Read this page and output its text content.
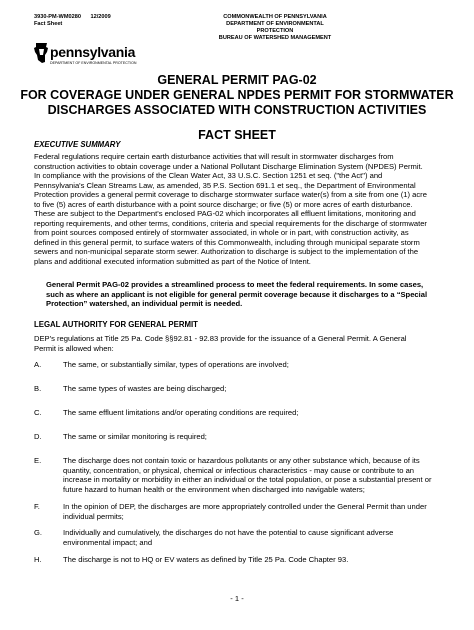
3930-PM-WM0280 12/2009
Fact Sheet
COMMONWEALTH OF PENNSYLVANIA
DEPARTMENT OF ENVIRONMENTAL PROTECTION
BUREAU OF WATERSHED MANAGEMENT
pennsylvania
DEPARTMENT OF ENVIRONMENTAL PROTECTION
GENERAL PERMIT PAG-02
FOR COVERAGE UNDER GENERAL NPDES PERMIT FOR STORMWATER
DISCHARGES ASSOCIATED WITH CONSTRUCTION ACTIVITIES
FACT SHEET
EXECUTIVE SUMMARY
Federal regulations require certain earth disturbance activities that will result in stormwater discharges from
construction activities to obtain coverage under a National Pollutant Discharge Elimination System (NPDES) Permit.
In compliance with the provisions of the Clean Water Act, 33 U.S.C. Section 1251 et seq. ("the Act") and
Pennsylvania's Clean Streams Law, as amended, 35 P.S. Section 691.1 et seq., the Department of Environmental
Protection provides a general permit coverage to discharge stormwater surface water(s) from a site from one (1) acre
to five (5) acres of earth disturbance with a point source discharge; or five (5) or more acres of earth disturbance.
These are subject to the Department's enclosed PAG-02 which incorporates all effluent limitations, monitoring and
reporting requirements, and other terms, conditions, criteria and special requirements for the discharge of stormwater
from point sources composed entirely of stormwater associated, in whole or in part, with construction activity, as
defined in this general permit, to surface waters of this Commonwealth, including through municipal separate storm
sewers and non-municipal separate storm sewer. Authorization to discharge is subject to the implementation of the
plans and additional executed information submitted as part of the Notice of Intent.
General Permit PAG-02 provides a streamlined process to meet the federal requirements. In some cases,
such as where an applicant is not eligible for general permit coverage because it discharges to a “Special
Protection” watershed, an individual permit is needed.
LEGAL AUTHORITY FOR GENERAL PERMIT
DEP's regulations at Title 25 Pa. Code §§92.81 - 92.83 provide for the issuance of a General Permit. A General
Permit is allowed when:
A.	The same, or substantially similar, types of operations are involved;
B.	The same types of wastes are being discharged;
C.	The same effluent limitations and/or operating conditions are required;
D.	The same or similar monitoring is required;
E.	The discharge does not contain toxic or hazardous pollutants or any other substance which, because of its
quantity, concentration, or physical, chemical or infectious characteristics - may cause or contribute to an
increase in mortality or morbidity in either an individual or the total population, or pose a substantial present or
future hazard to human health or the environment when discharged into navigable waters;
F.	In the opinion of DEP, the discharges are more appropriately controlled under the General Permit than under
individual permits;
G.	Individually and cumulatively, the discharges do not have the potential to cause significant adverse
environmental impact; and
H.	The discharge is not to HQ or EV waters as defined by Title 25 Pa. Code Chapter 93.
- 1 -
